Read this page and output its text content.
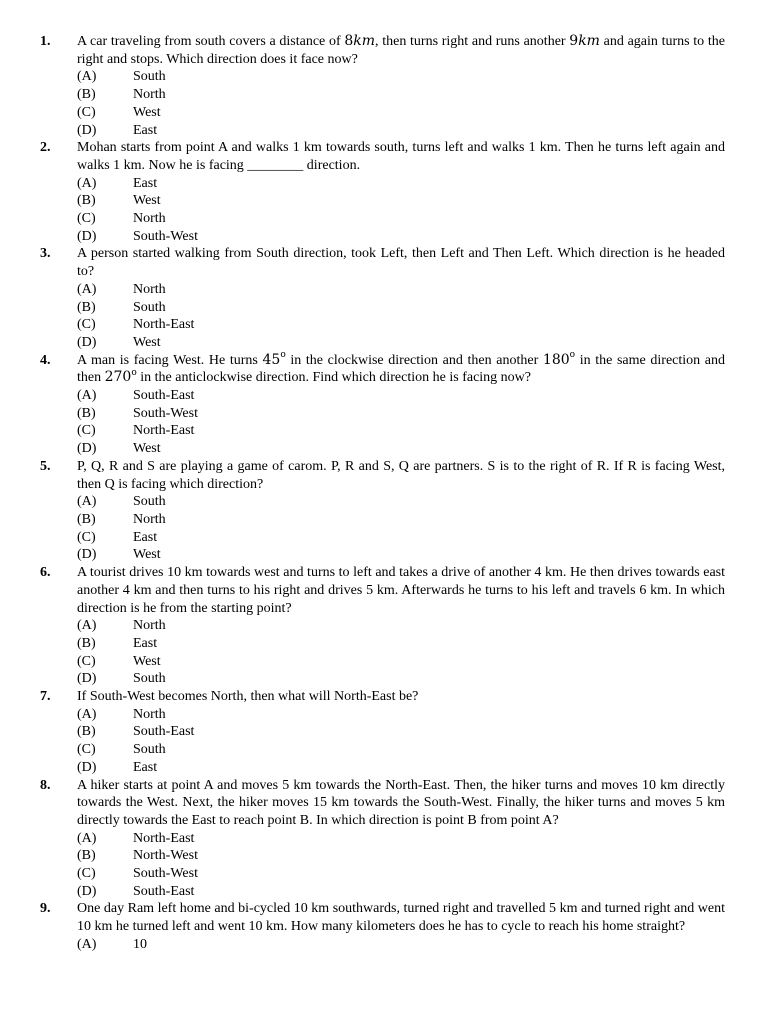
1. A car traveling from south covers a distance of 8km, then turns right and runs another 9km and again turns to the right and stops. Which direction does it face now?

(A)	South
(B)	North
(C)	West
(D)	East
2. Mohan starts from point A and walks 1 km towards south, turns left and walks 1 km. Then he turns left again and walks 1 km. Now he is facing ________ direction.

(A)	East
(B)	West
(C)	North
(D)	South-West
3. A person started walking from South direction, took Left, then Left and Then Left. Which direction is he headed to?

(A)	North
(B)	South
(C)	North-East
(D)	West
4. A man is facing West. He turns 45$^o$ in the clockwise direction and then another 180$^o$ in the same direction and then 270$^o$ in the anticlockwise direction. Find which direction he is facing now?

(A)	South-East
(B)	South-West
(C)	North-East
(D)	West
5. P, Q, R and S are playing a game of carom. P, R and S, Q are partners. S is to the right of R. If R is facing West, then Q is facing which direction?

(A)	South
(B)	North
(C)	East
(D)	West
6. A tourist drives 10 km towards west and turns to left and takes a drive of another 4 km. He then drives towards east another 4 km and then turns to his right and drives 5 km. Afterwards he turns to his left and travels 6 km. In which direction is he from the starting point?

(A)	North
(B)	East
(C)	West
(D)	South
7. If South-West becomes North, then what will North-East be?

(A)	North
(B)	South-East
(C)	South
(D)	East
8. A hiker starts at point A and moves 5 km towards the North-East. Then, the hiker turns and moves 10 km directly towards the West. Next, the hiker moves 15 km towards the South-West. Finally, the hiker turns and moves 5 km directly towards the East to reach point B. In which direction is point B from point A?

(A)	North-East
(B)	North-West
(C)	South-West
(D)	South-East
9. One day Ram left home and bi-cycled 10 km southwards, turned right and travelled 5 km and turned right and went 10 km he turned left and went 10 km. How many kilometers does he has to cycle to reach his home straight?

(A)	10
